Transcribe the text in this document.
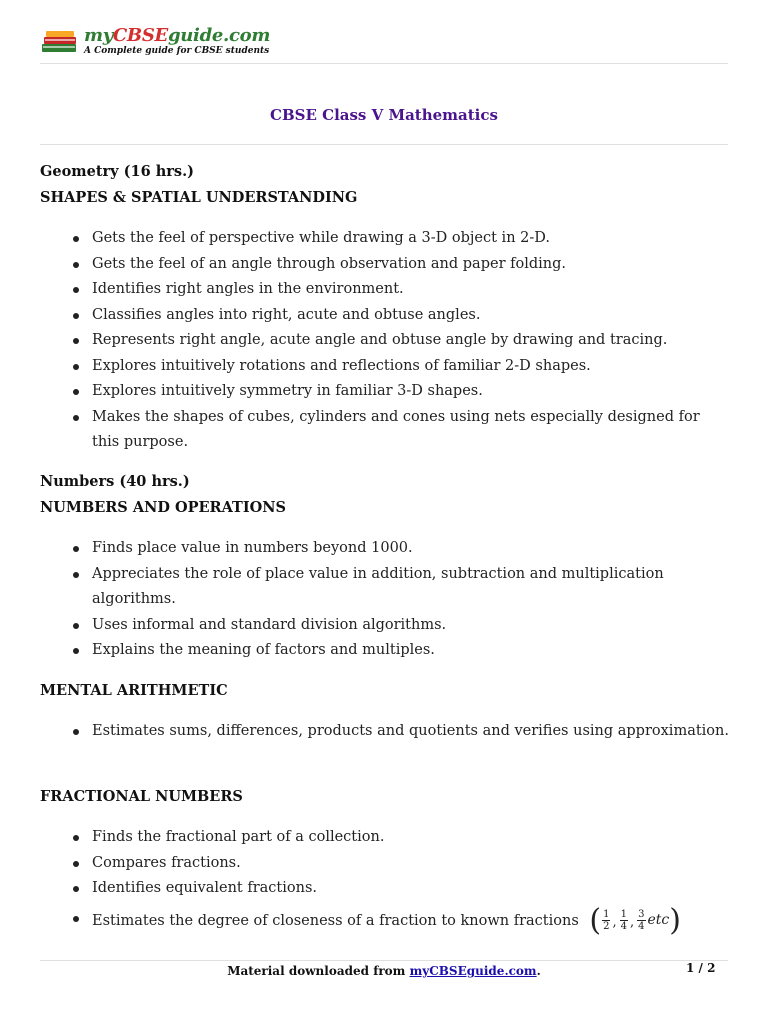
myCBSEguide.com
A Complete guide for CBSE students
CBSE Class V Mathematics
Geometry (16 hrs.)
SHAPES & SPATIAL UNDERSTANDING
Gets the feel of perspective while drawing a 3-D object in 2-D.
Gets the feel of an angle through observation and paper folding.
Identifies right angles in the environment.
Classifies angles into right, acute and obtuse angles.
Represents right angle, acute angle and obtuse angle by drawing and tracing.
Explores intuitively rotations and reflections of familiar 2-D shapes.
Explores intuitively symmetry in familiar 3-D shapes.
Makes the shapes of cubes, cylinders and cones using nets especially designed for this purpose.
Numbers (40 hrs.)
NUMBERS AND OPERATIONS
Finds place value in numbers beyond 1000.
Appreciates the role of place value in addition, subtraction and multiplication algorithms.
Uses informal and standard division algorithms.
Explains the meaning of factors and multiples.
MENTAL ARITHMETIC
Estimates sums, differences, products and quotients and verifies using approximation.
FRACTIONAL NUMBERS
Finds the fractional part of a collection.
Compares fractions.
Identifies equivalent fractions.
Estimates the degree of closeness of a fraction to known fractions ( $\frac{1}{2}$ , $\frac{1}{4}$ , $\frac{3}{4}$ etc )
Material downloaded from myCBSEguide.com.	1 / 2
